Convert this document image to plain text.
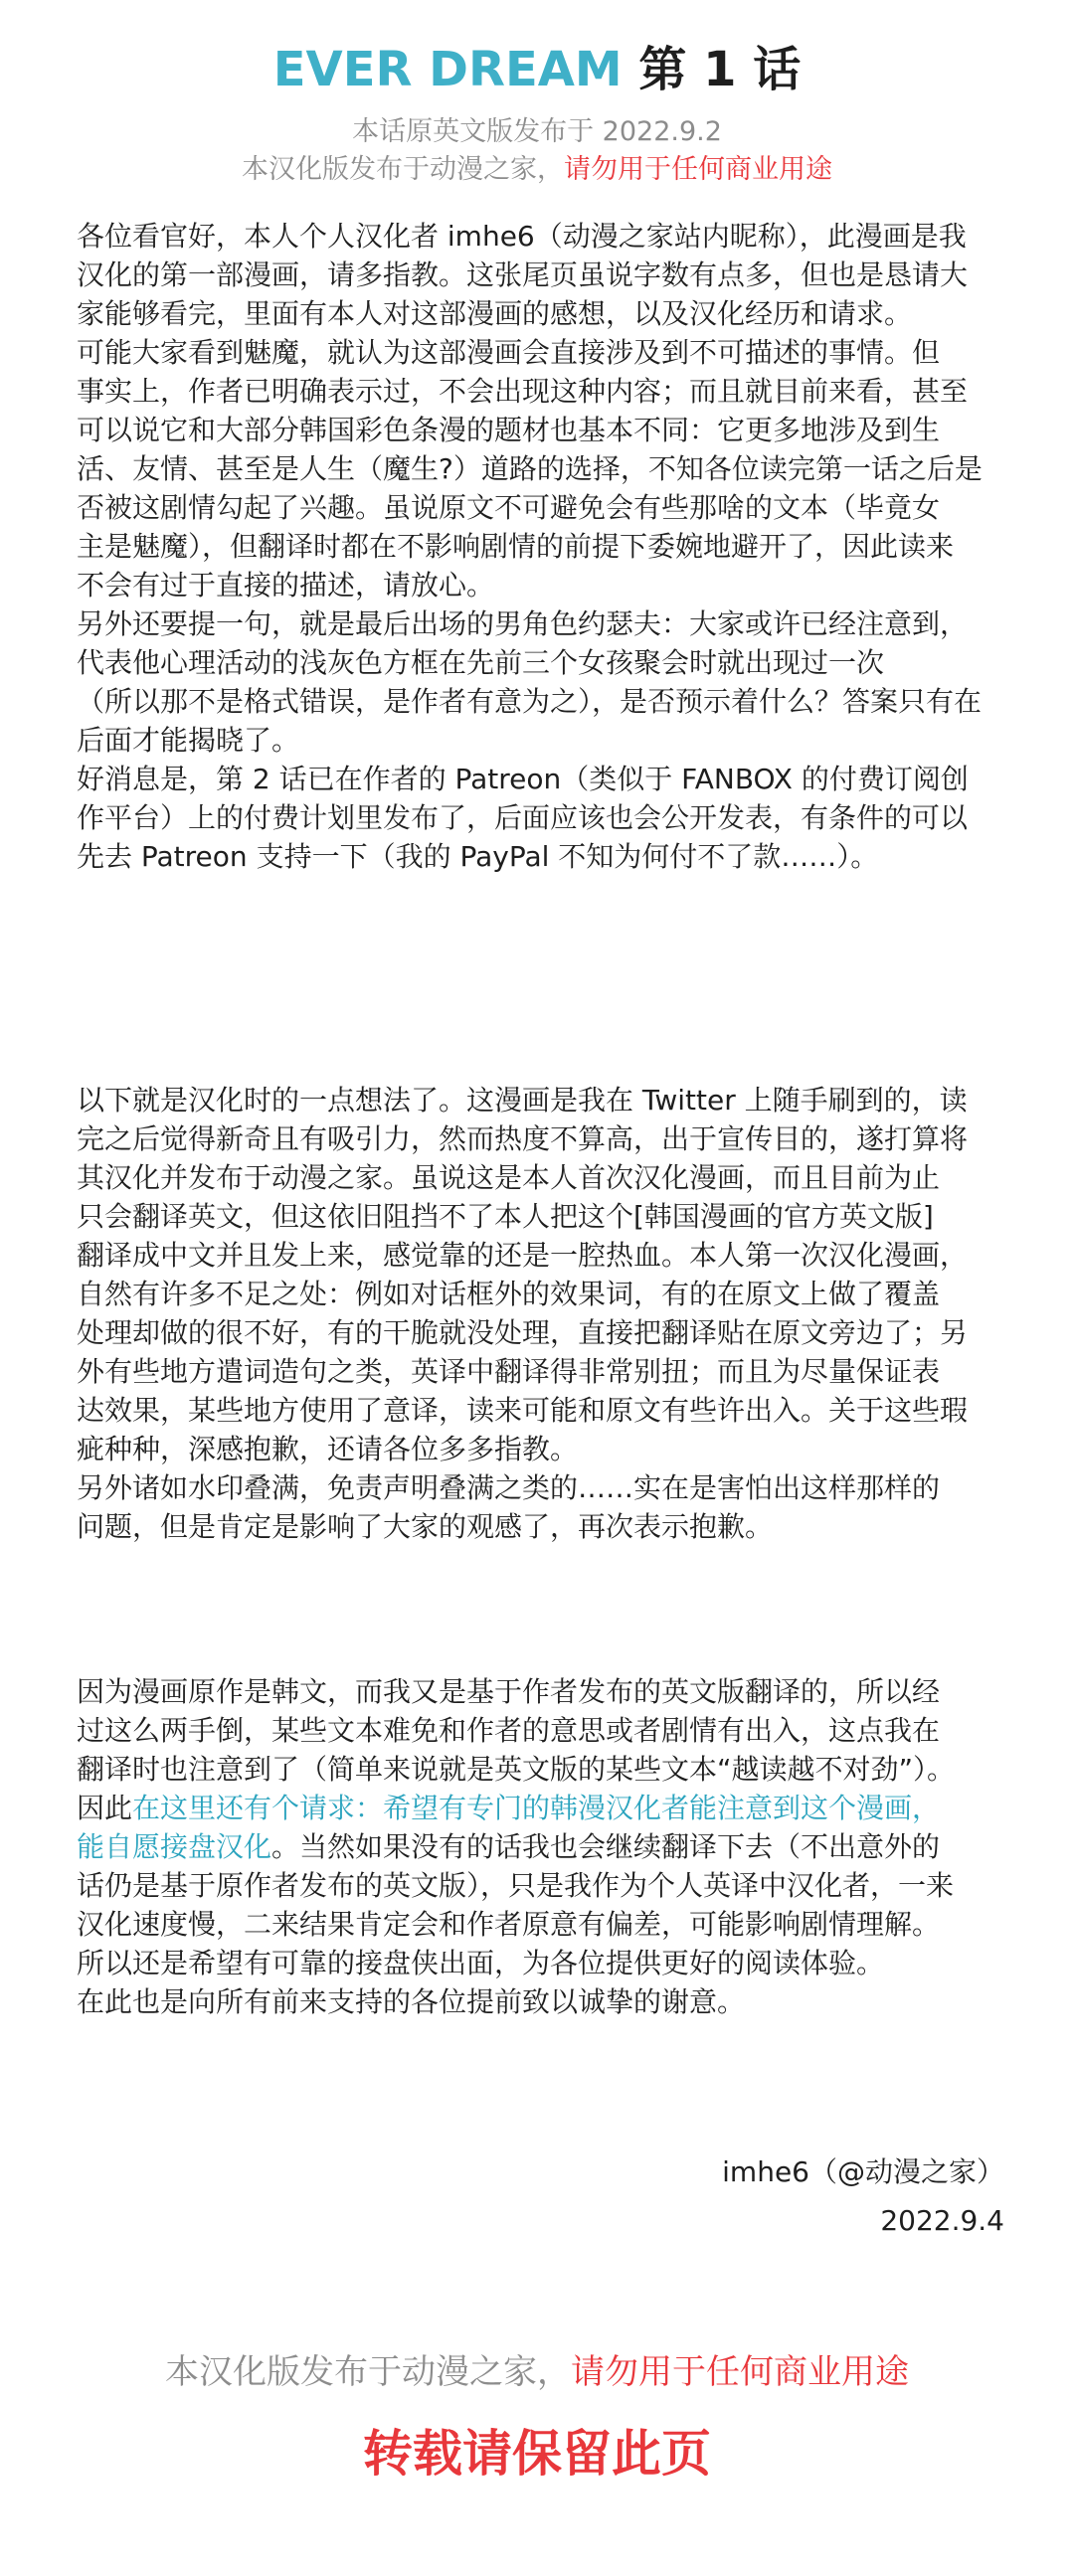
EVER DREAM 第 1 话
本话原英文版发布于 2022.9.2
本汉化版发布于动漫之家，请勿用于任何商业用途

各位看官好，本人个人汉化者 imhe6（动漫之家站内昵称），此漫画是我

汉化的第一部漫画，请多指教。这张尾页虽说字数有点多，但也是恳请大

家能够看完，里面有本人对这部漫画的感想，以及汉化经历和请求。

可能大家看到魅魔，就认为这部漫画会直接涉及到不可描述的事情。但

事实上，作者已明确表示过，不会出现这种内容；而且就目前来看，甚至

可以说它和大部分韩国彩色条漫的题材也基本不同：它更多地涉及到生

活、友情、甚至是人生（魔生?）道路的选择，不知各位读完第一话之后是

否被这剧情勾起了兴趣。虽说原文不可避免会有些那啥的文本（毕竟女

主是魅魔），但翻译时都在不影响剧情的前提下委婉地避开了，因此读来

不会有过于直接的描述，请放心。

另外还要提一句，就是最后出场的男角色约瑟夫：大家或许已经注意到，

代表他心理活动的浅灰色方框在先前三个女孩聚会时就出现过一次

（所以那不是格式错误，是作者有意为之），是否预示着什么？答案只有在

后面才能揭晓了。

好消息是，第 2 话已在作者的 Patreon（类似于 FANBOX 的付费订阅创

作平台）上的付费计划里发布了，后面应该也会公开发表，有条件的可以

先去 Patreon 支持一下（我的 PayPal 不知为何付不了款……）。

以下就是汉化时的一点想法了。这漫画是我在 Twitter 上随手刷到的，读

完之后觉得新奇且有吸引力，然而热度不算高，出于宣传目的，遂打算将

其汉化并发布于动漫之家。虽说这是本人首次汉化漫画，而且目前为止

只会翻译英文，但这依旧阻挡不了本人把这个[韩国漫画的官方英文版]

翻译成中文并且发上来，感觉靠的还是一腔热血。本人第一次汉化漫画，

自然有许多不足之处：例如对话框外的效果词，有的在原文上做了覆盖

处理却做的很不好，有的干脆就没处理，直接把翻译贴在原文旁边了；另

外有些地方遣词造句之类，英译中翻译得非常别扭；而且为尽量保证表

达效果，某些地方使用了意译，读来可能和原文有些许出入。关于这些瑕

疵种种，深感抱歉，还请各位多多指教。

另外诸如水印叠满，免责声明叠满之类的……实在是害怕出这样那样的

问题，但是肯定是影响了大家的观感了，再次表示抱歉。

因为漫画原作是韩文，而我又是基于作者发布的英文版翻译的，所以经

过这么两手倒，某些文本难免和作者的意思或者剧情有出入，这点我在

翻译时也注意到了（简单来说就是英文版的某些文本“越读越不对劲”）。

因此在这里还有个请求：希望有专门的韩漫汉化者能注意到这个漫画，

能自愿接盘汉化。当然如果没有的话我也会继续翻译下去（不出意外的

话仍是基于原作者发布的英文版），只是我作为个人英译中汉化者，一来

汉化速度慢，二来结果肯定会和作者原意有偏差，可能影响剧情理解。

所以还是希望有可靠的接盘侠出面，为各位提供更好的阅读体验。

在此也是向所有前来支持的各位提前致以诚挚的谢意。

imhe6（@动漫之家）
2022.9.4
本汉化版发布于动漫之家，请勿用于任何商业用途
转载请保留此页
